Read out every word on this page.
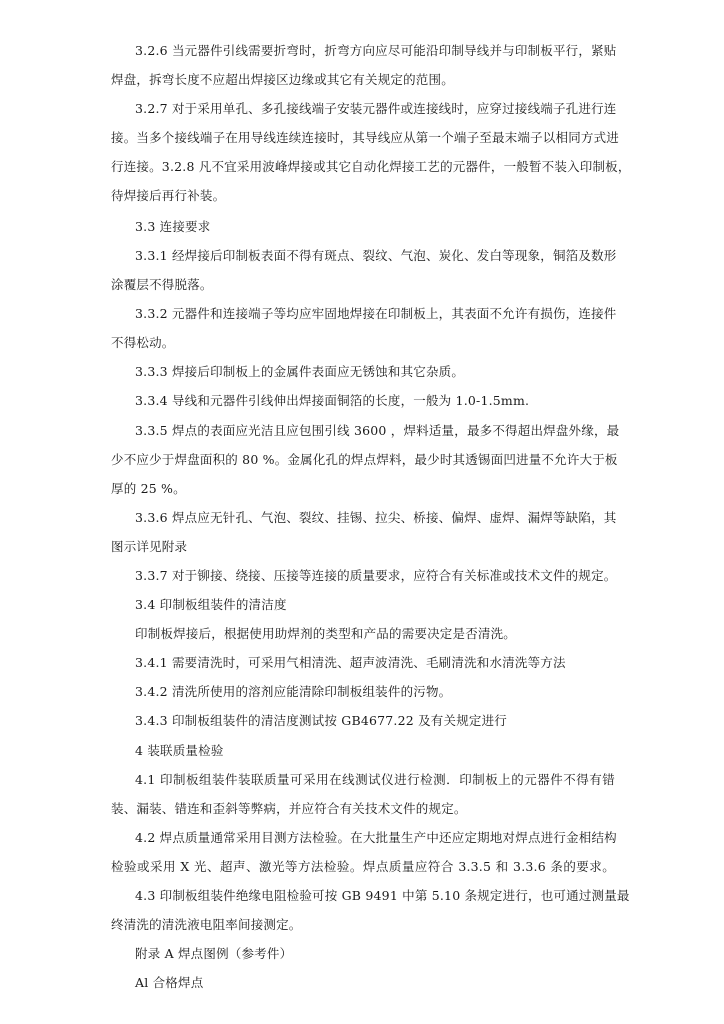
3.2.6 当元器件引线需要折弯时，折弯方向应尽可能沿印制导线并与印制板平行，紧贴
焊盘，拆弯长度不应超出焊接区边缘或其它有关规定的范围。
3.2.7 对于采用单孔、多孔接线端子安装元器件或连接线时，应穿过接线端子孔进行连
接。当多个接线端子在用导线连续连接时，其导线应从第一个端子至最末端子以相同方式进
行连接。3.2.8 凡不宜采用波峰焊接或其它自动化焊接工艺的元器件，一般暂不装入印制板，
待焊接后再行补装。
3.3 连接要求
3.3.1 经焊接后印制板表面不得有斑点、裂纹、气泡、炭化、发白等现象，铜箔及数形
涂覆层不得脱落。
3.3.2 元器件和连接端子等均应牢固地焊接在印制板上，其表面不允许有损伤，连接件
不得松动。
3.3.3 焊接后印制板上的金属件表面应无锈蚀和其它杂质。
3.3.4 导线和元器件引线伸出焊接面铜箔的长度，一般为 1.0-1.5mm.
3.3.5 焊点的表面应光洁且应包围引线 3600 ，焊料适量，最多不得超出焊盘外缘，最
少不应少于焊盘面积的 80 %。金属化孔的焊点焊料，最少时其透锡面凹进量不允许大于板
厚的 25 %。
3.3.6 焊点应无针孔、气泡、裂纹、挂锡、拉尖、桥接、偏焊、虚焊、漏焊等缺陷，其
图示详见附录
3.3.7 对于铆接、绕接、压接等连接的质量要求，应符合有关标准或技术文件的规定。
3.4 印制板组装件的清洁度
印制板焊接后，根据使用助焊剂的类型和产品的需要决定是否清洗。
3.4.1 需要清洗时，可采用气相清洗、超声波清洗、毛刷清洗和水清洗等方法
3.4.2 清洗所使用的溶剂应能清除印制板组装件的污物。
3.4.3 印制板组装件的清洁度测试按 GB4677.22 及有关规定进行
4 装联质量检验
4.1 印制板组装件装联质量可采用在线测试仪进行检测．印制板上的元器件不得有错
装、漏装、错连和歪斜等弊病，并应符合有关技术文件的规定。
4.2 焊点质量通常采用目测方法检验。在大批量生产中还应定期地对焊点进行金相结构
检验或采用 X 光、超声、激光等方法检验。焊点质量应符合 3.3.5 和 3.3.6 条的要求。
4.3 印制板组装件绝缘电阻检验可按 GB 9491 中第 5.10 条规定进行，也可通过测量最
终清洗的清洗液电阻率间接测定。
附录 A 焊点图例（参考件）
Al 合格焊点
